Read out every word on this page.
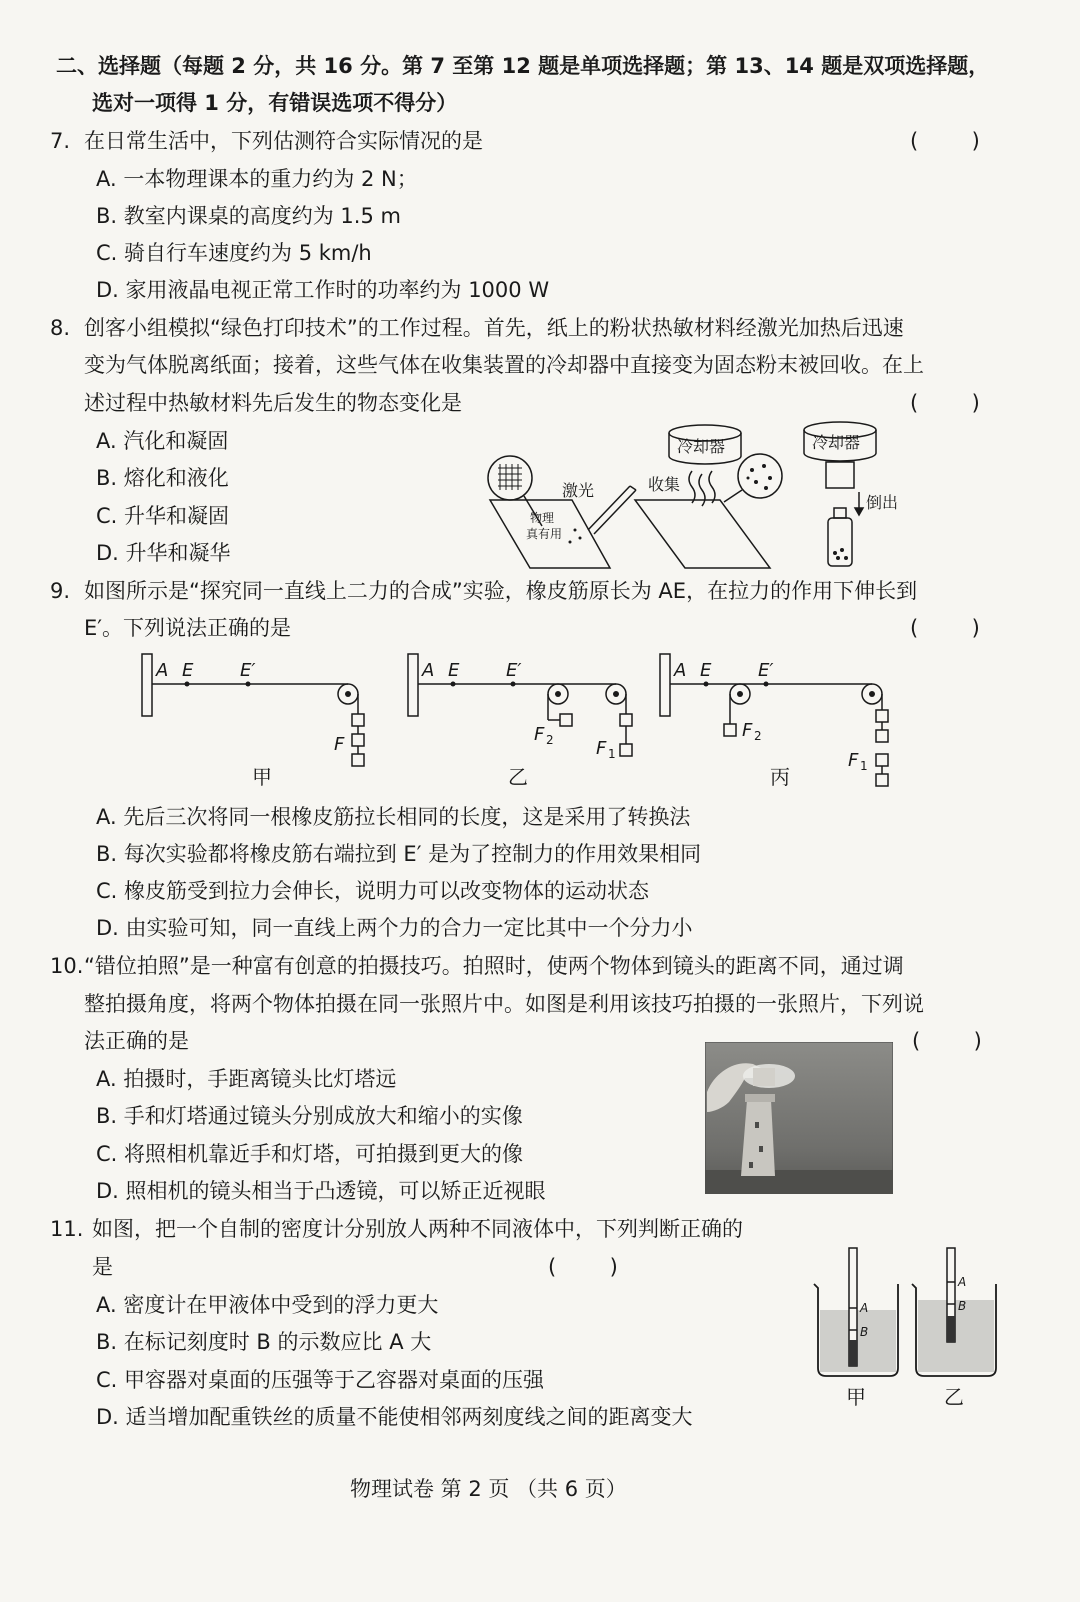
二、选择题（每题 2 分，共 16 分。第 7 至第 12 题是单项选择题；第 13、14 题是双项选择题，
选对一项得 1 分，有错误选项不得分）
7. 在日常生活中，下列估测符合实际情况的是	(        )
A. 一本物理课本的重力约为 2 N；
B. 教室内课桌的高度约为 1.5 m
C. 骑自行车速度约为 5 km/h
D. 家用液晶电视正常工作时的功率约为 1000 W
8. 创客小组模拟“绿色打印技术”的工作过程。首先，纸上的粉状热敏材料经激光加热后迅速
变为气体脱离纸面；接着，这些气体在收集装置的冷却器中直接变为固态粉末被回收。在上
述过程中热敏材料先后发生的物态变化是	(        )
A. 汽化和凝固
B. 熔化和液化
C. 升华和凝固
D. 升华和凝华
激光
物理
真有用
冷却器
收集
冷却器
倒出
9. 如图所示是“探究同一直线上二力的合成”实验，橡皮筋原长为 AE，在拉力的作用下伸长到
E′。下列说法正确的是	(        )
A E	E′
F
A E	E′
F
F
A E	E′
F
F
2
1
2
1
甲	乙	丙
A. 先后三次将同一根橡皮筋拉长相同的长度，这是采用了转换法
B. 每次实验都将橡皮筋右端拉到 E′ 是为了控制力的作用效果相同
C. 橡皮筋受到拉力会伸长，说明力可以改变物体的运动状态
D. 由实验可知，同一直线上两个力的合力一定比其中一个分力小
10. “错位拍照”是一种富有创意的拍摄技巧。拍照时，使两个物体到镜头的距离不同，通过调
整拍摄角度，将两个物体拍摄在同一张照片中。如图是利用该技巧拍摄的一张照片，下列说
法正确的是	(        )
A. 拍摄时，手距离镜头比灯塔远
B. 手和灯塔通过镜头分别成放大和缩小的实像
C. 将照相机靠近手和灯塔，可拍摄到更大的像
D. 照相机的镜头相当于凸透镜，可以矫正近视眼
11. 如图，把一个自制的密度计分别放人两种不同液体中，下列判断正确的
是	(        )
A. 密度计在甲液体中受到的浮力更大
B. 在标记刻度时 B 的示数应比 A 大
C. 甲容器对桌面的压强等于乙容器对桌面的压强
D. 适当增加配重铁丝的质量不能使相邻两刻度线之间的距离变大
A
B
A
B
甲	乙
物理试卷 第 2 页 （共 6 页）
